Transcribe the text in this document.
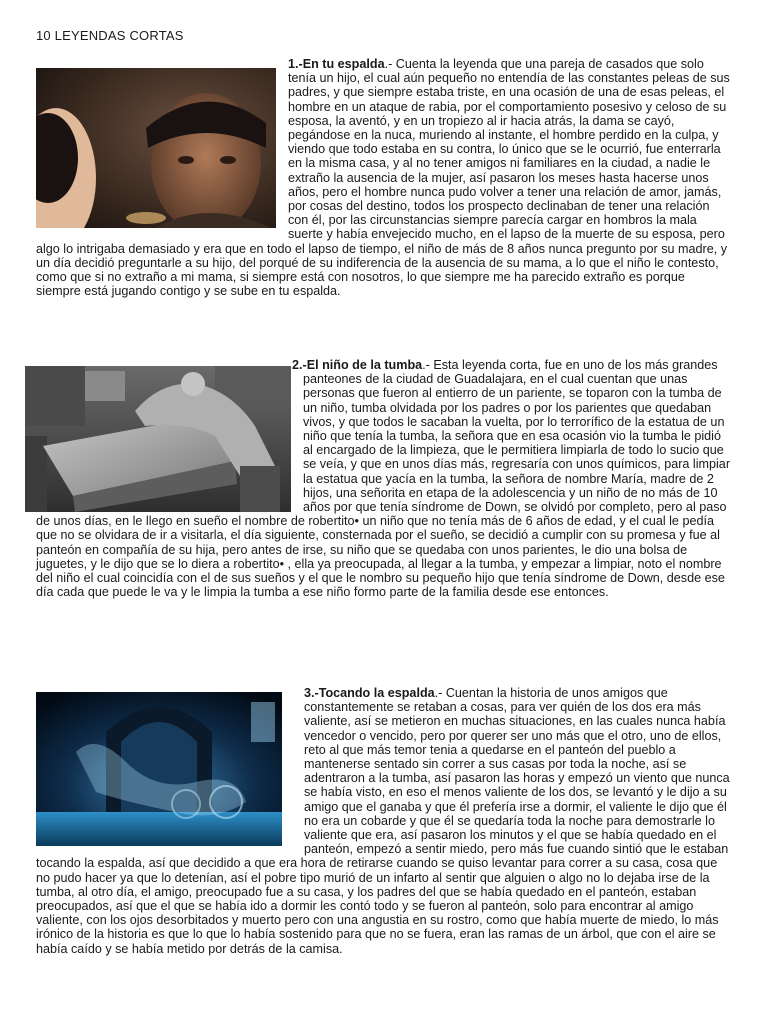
10 LEYENDAS CORTAS

1.-En tu espalda.- Cuenta la leyenda que una pareja de casados que solo tenía un hijo, el cual aún pequeño no entendía de las constantes peleas de sus padres, y que siempre estaba triste, en una ocasión de una de esas peleas, el hombre en un ataque de rabia, por el comportamiento posesivo y celoso de su esposa, la aventó, y en un tropiezo al ir hacia atrás, la dama se cayó, pegándose en la nuca, muriendo al instante, el hombre perdido en la culpa, y viendo que todo estaba en su contra, lo único que se le ocurrió, fue enterrarla en la misma casa, y al no tener amigos ni familiares en la ciudad, a nadie le extraño la ausencia de la mujer, así pasaron los meses hasta hacerse unos años, pero el hombre nunca pudo volver a tener una relación de amor, jamás, por cosas del destino, todos los prospecto declinaban de tener una relación con él, por las circunstancias siempre parecía cargar en hombros la mala suerte y había envejecido mucho, en el lapso de la muerte de su esposa, pero algo lo intrigaba demasiado y era que en todo el lapso de tiempo, el niño de más de 8 años nunca pregunto por su madre, y un día decidió preguntarle a su hijo, del porqué de su indiferencia de la ausencia de su mama, a lo que el niño le contesto, como que si no extraño a mi mama, si siempre está con nosotros, lo que siempre me ha parecido extraño es porque siempre está jugando contigo y se sube en tu espalda.

2.-El niño de la tumba.- Esta leyenda corta, fue en uno de los más grandes panteones de la ciudad de Guadalajara, en el cual cuentan que unas personas que fueron al entierro de un pariente, se toparon con la tumba de un niño, tumba olvidada por los padres o por los parientes que quedaban vivos, y que todos le sacaban la vuelta, por lo terrorífico de la estatua de un niño que tenía la tumba, la señora que en esa ocasión vio la tumba le pidió al encargado de la limpieza, que le permitiera limpiarla de todo lo sucio que se veía, y que en unos días más, regresaría con unos químicos, para limpiar la estatua que yacía en la tumba, la señora de nombre María, madre de 2 hijos, una señorita en etapa de la adolescencia y un niño de no más de 10 años por que tenía síndrome de Down, se olvidó por completo, pero al paso de unos días, en le llego en sueño el nombre de robertito• un niño que no tenía más de 6 años de edad, y el cual le pedía que no se olvidara de ir a visitarla, el día siguiente, consternada por el sueño, se decidió a cumplir con su promesa y fue al panteón en compañía de su hija, pero antes de irse, su niño que se quedaba con unos parientes, le dio una bolsa de juguetes, y le dijo que se lo diera a robertito• , ella ya preocupada, al llegar a la tumba, y empezar a limpiar, noto el nombre del niño el cual coincidía con el de sus sueños y el que le nombro su pequeño hijo que tenía síndrome de Down, desde ese día cada que puede le va y le limpia la tumba a ese niño formo parte de la familia desde ese entonces.

3.-Tocando la espalda.- Cuentan la historia de unos amigos que constantemente se retaban a cosas, para ver quién de los dos era más valiente, así se metieron en muchas situaciones, en las cuales nunca había vencedor o vencido, pero por querer ser uno más que el otro, uno de ellos, reto al que más temor tenia a quedarse en el panteón del pueblo a mantenerse sentado sin correr a sus casas por toda la noche, así se adentraron a la tumba, así pasaron las horas y empezó un viento que nunca se había visto, en eso el menos valiente de los dos, se levantó y le dijo a su amigo que el ganaba y que él prefería irse a dormir, el valiente le dijo que él no era un cobarde y que él se quedaría toda la noche para demostrarle lo valiente que era, así pasaron los minutos y el que se había quedado en el panteón, empezó a sentir miedo, pero más fue cuando sintió que le estaban tocando la espalda, así que decidido a que era hora de retirarse cuando se quiso levantar para correr a su casa, cosa que no pudo hacer ya que lo detenían, así el pobre tipo murió de un infarto al sentir que alguien o algo no lo dejaba irse de la tumba, al otro día, el amigo, preocupado fue a su casa, y los padres del que se había quedado en el panteón, estaban preocupados, así que el que se había ido a dormir les contó todo y se fueron al panteón, solo para encontrar al amigo valiente, con los ojos desorbitados y muerto pero con una angustia en su rostro, como que había muerte de miedo, lo más irónico de la historia es que lo que lo había sostenido para que no se fuera, eran las ramas de un árbol, que con el aire se había caído y se había metido por detrás de la camisa.
